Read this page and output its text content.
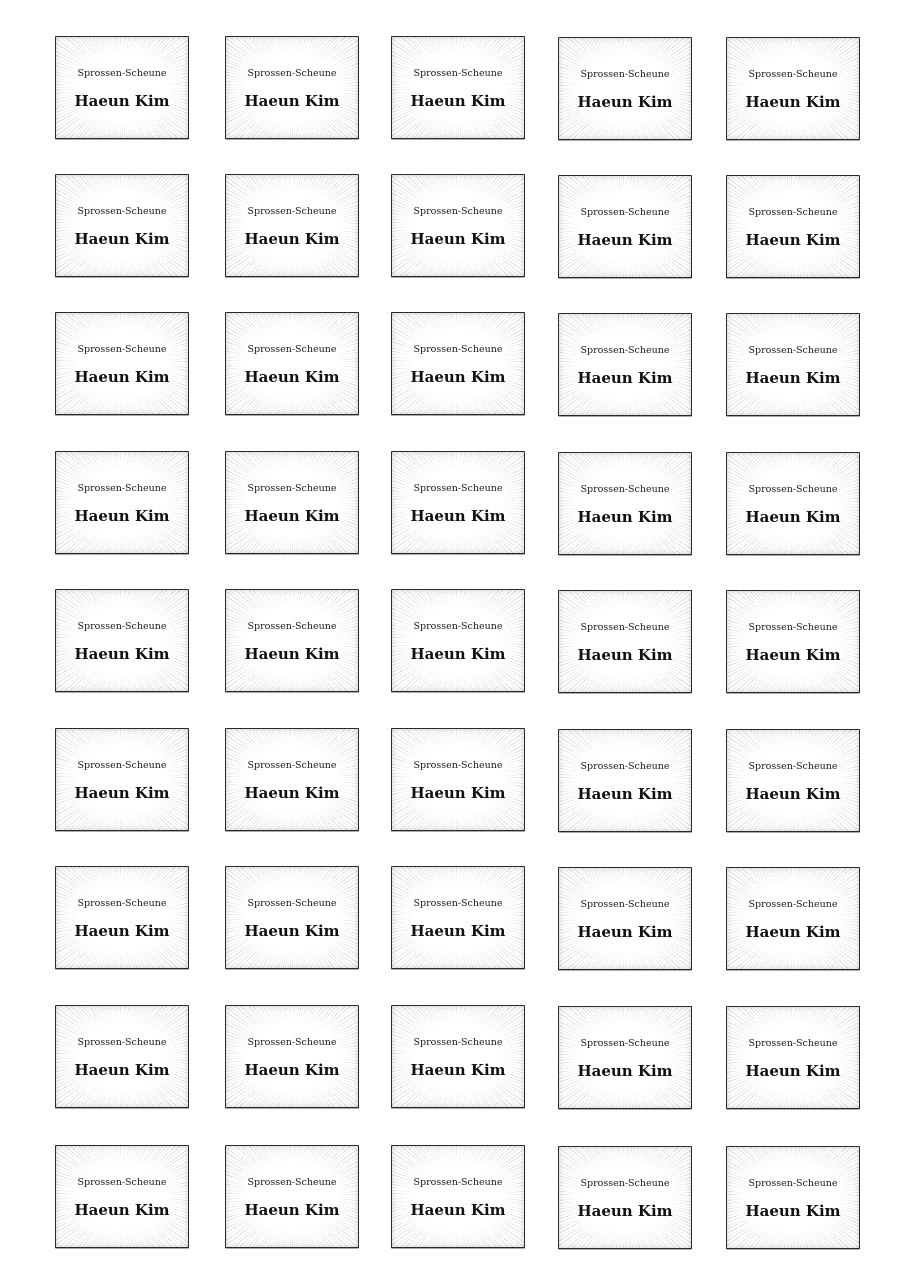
Sprossen-Scheune
Haeun Kim
Sprossen-Scheune
Haeun Kim
Sprossen-Scheune
Haeun Kim
Sprossen-Scheune
Haeun Kim
Sprossen-Scheune
Haeun Kim
Sprossen-Scheune
Haeun Kim
Sprossen-Scheune
Haeun Kim
Sprossen-Scheune
Haeun Kim
Sprossen-Scheune
Haeun Kim
Sprossen-Scheune
Haeun Kim
Sprossen-Scheune
Haeun Kim
Sprossen-Scheune
Haeun Kim
Sprossen-Scheune
Haeun Kim
Sprossen-Scheune
Haeun Kim
Sprossen-Scheune
Haeun Kim
Sprossen-Scheune
Haeun Kim
Sprossen-Scheune
Haeun Kim
Sprossen-Scheune
Haeun Kim
Sprossen-Scheune
Haeun Kim
Sprossen-Scheune
Haeun Kim
Sprossen-Scheune
Haeun Kim
Sprossen-Scheune
Haeun Kim
Sprossen-Scheune
Haeun Kim
Sprossen-Scheune
Haeun Kim
Sprossen-Scheune
Haeun Kim
Sprossen-Scheune
Haeun Kim
Sprossen-Scheune
Haeun Kim
Sprossen-Scheune
Haeun Kim
Sprossen-Scheune
Haeun Kim
Sprossen-Scheune
Haeun Kim
Sprossen-Scheune
Haeun Kim
Sprossen-Scheune
Haeun Kim
Sprossen-Scheune
Haeun Kim
Sprossen-Scheune
Haeun Kim
Sprossen-Scheune
Haeun Kim
Sprossen-Scheune
Haeun Kim
Sprossen-Scheune
Haeun Kim
Sprossen-Scheune
Haeun Kim
Sprossen-Scheune
Haeun Kim
Sprossen-Scheune
Haeun Kim
Sprossen-Scheune
Haeun Kim
Sprossen-Scheune
Haeun Kim
Sprossen-Scheune
Haeun Kim
Sprossen-Scheune
Haeun Kim
Sprossen-Scheune
Haeun Kim
